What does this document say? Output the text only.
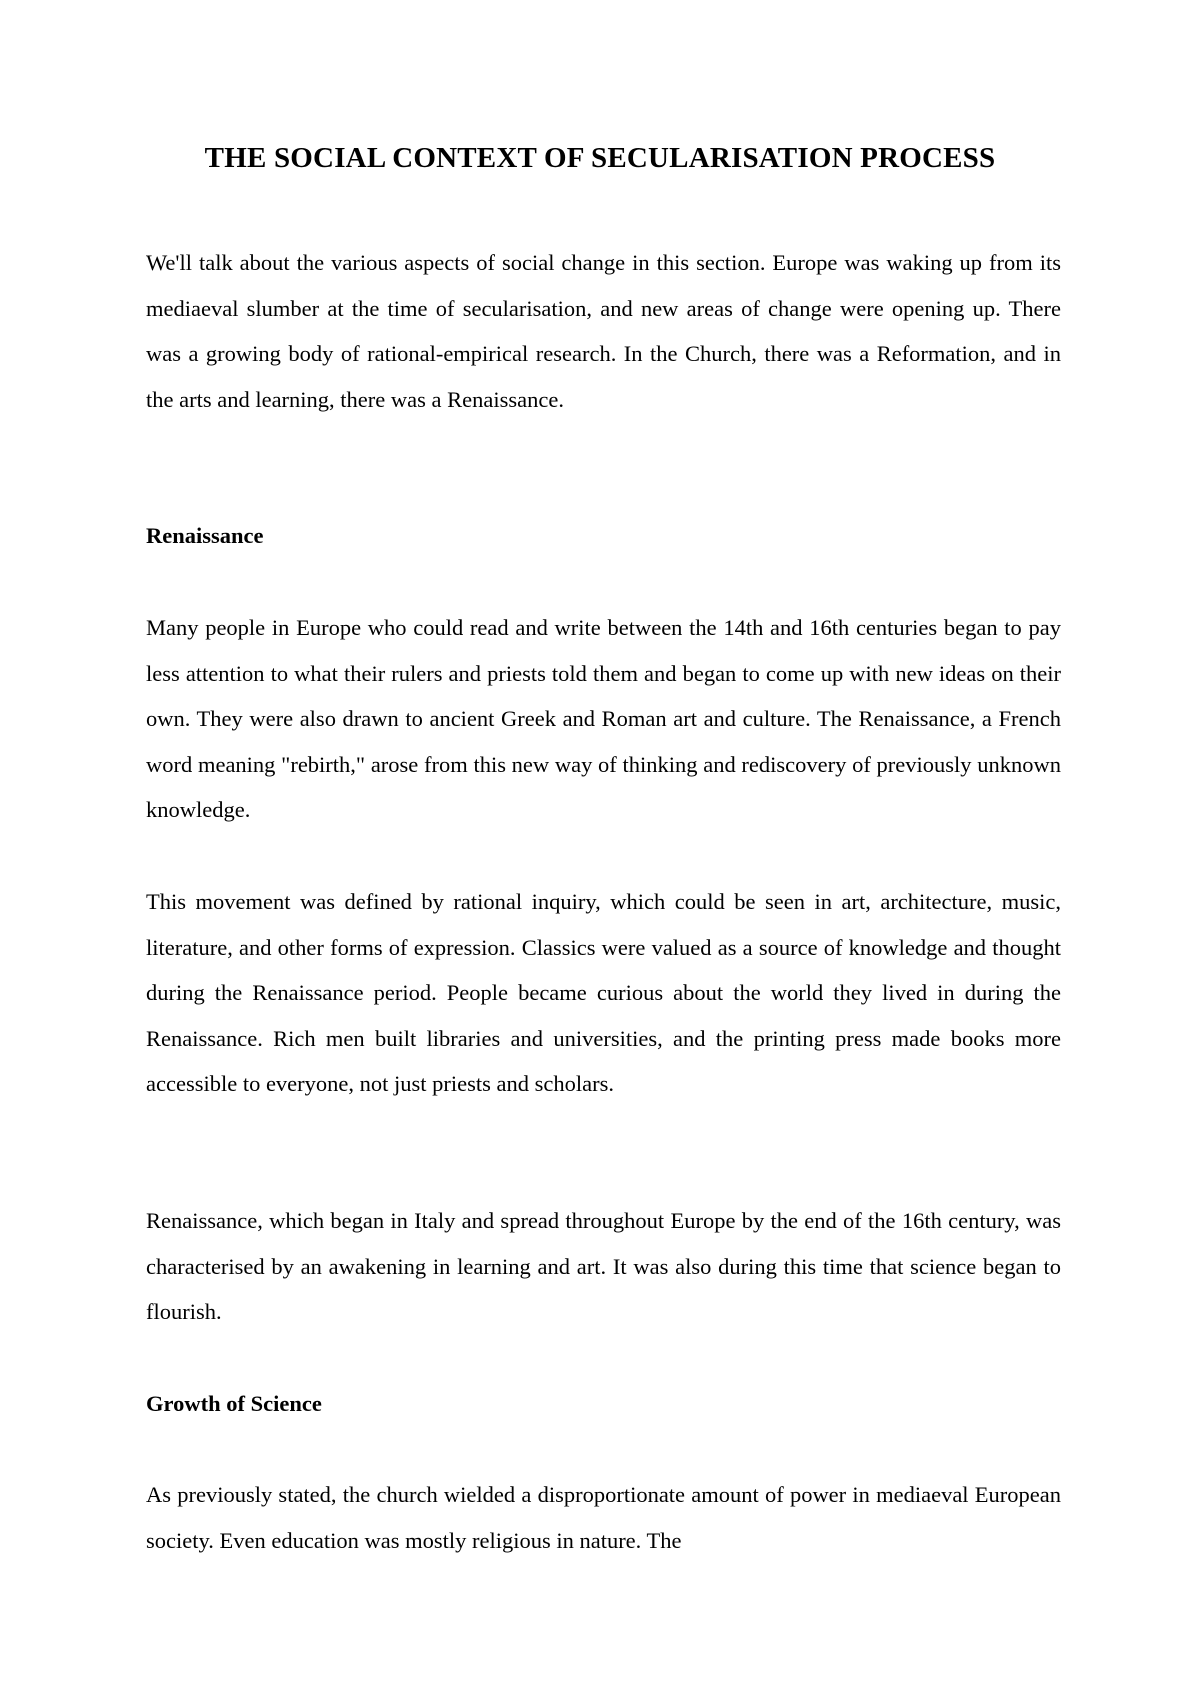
THE SOCIAL CONTEXT OF SECULARISATION PROCESS

We'll talk about the various aspects of social change in this section. Europe was waking up from its mediaeval slumber at the time of secularisation, and new areas of change were opening up. There was a growing body of rational-empirical research. In the Church, there was a Reformation, and in the arts and learning, there was a Renaissance.

Renaissance

Many people in Europe who could read and write between the 14th and 16th centuries began to pay less attention to what their rulers and priests told them and began to come up with new ideas on their own. They were also drawn to ancient Greek and Roman art and culture. The Renaissance, a French word meaning "rebirth," arose from this new way of thinking and rediscovery of previously unknown knowledge.

This movement was defined by rational inquiry, which could be seen in art, architecture, music, literature, and other forms of expression. Classics were valued as a source of knowledge and thought during the Renaissance period. People became curious about the world they lived in during the Renaissance. Rich men built libraries and universities, and the printing press made books more accessible to everyone, not just priests and scholars.

Renaissance, which began in Italy and spread throughout Europe by the end of the 16th century, was characterised by an awakening in learning and art. It was also during this time that science began to flourish.

Growth of Science

As previously stated, the church wielded a disproportionate amount of power in mediaeval European society. Even education was mostly religious in nature. The
